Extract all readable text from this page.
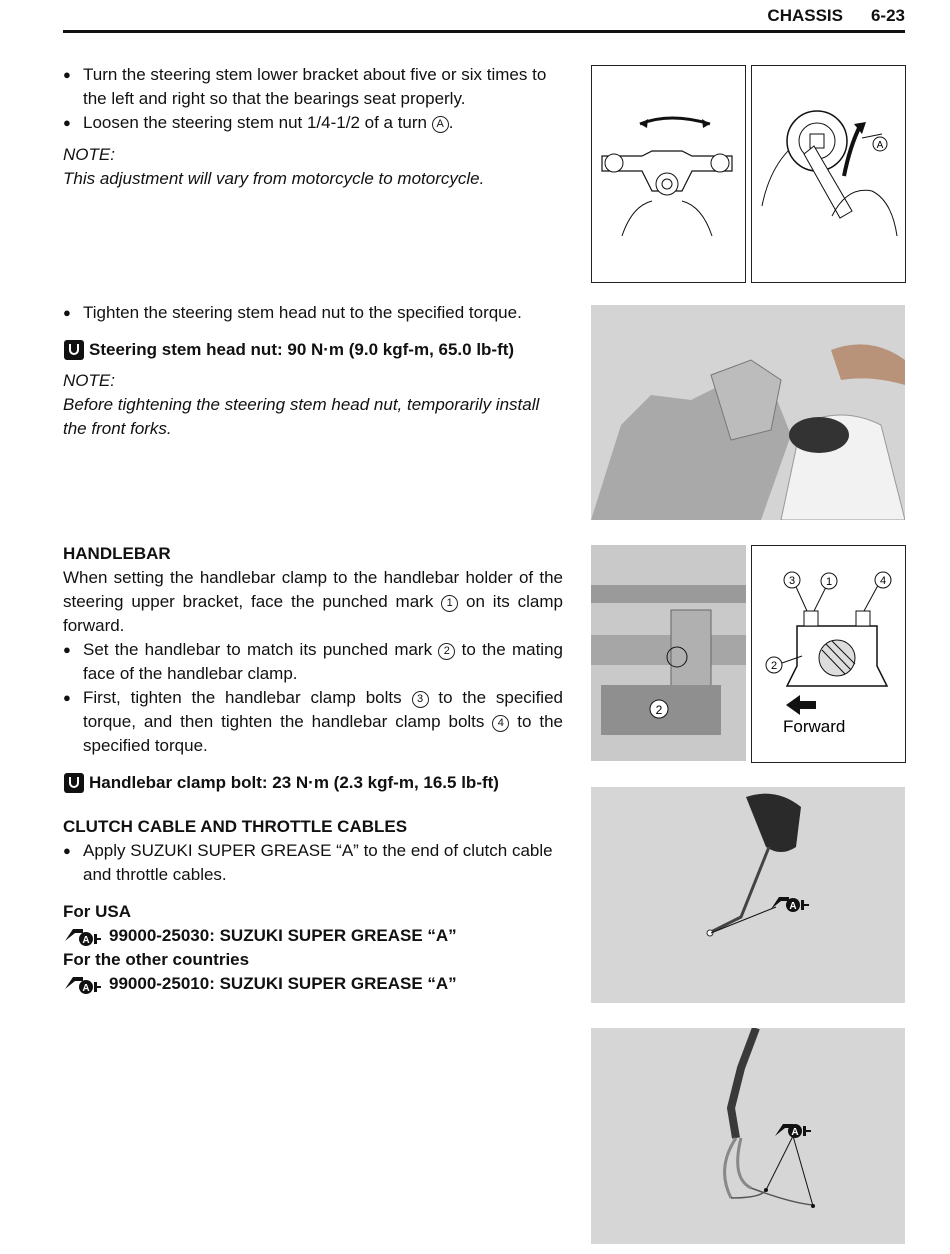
CHASSIS 6-23
● Turn the steering stem lower bracket about five or six times to the left and right so that the bearings seat properly.
● Loosen the steering stem nut 1/4-1/2 of a turn A .
NOTE:
This adjustment will vary from motorcycle to motorcycle.
● Tighten the steering stem head nut to the specified torque.
Steering stem head nut: 90 N·m (9.0 kgf-m, 65.0 lb-ft)
NOTE:
Before tightening the steering stem head nut, temporarily install the front forks.
HANDLEBAR
When setting the handlebar clamp to the handlebar holder of the steering upper bracket, face the punched mark 1 on its clamp forward.
● Set the handlebar to match its punched mark 2 to the mating face of the handlebar clamp.
● First, tighten the handlebar clamp bolts 3 to the specified torque, and then tighten the handlebar clamp bolts 4 to the specified torque.
Handlebar clamp bolt: 23 N·m (2.3 kgf-m, 16.5 lb-ft)
CLUTCH CABLE AND THROTTLE CABLES
● Apply SUZUKI SUPER GREASE “A” to the end of clutch cable and throttle cables.
For USA
A 99000-25030: SUZUKI SUPER GREASE “A”
For the other countries
A 99000-25010: SUZUKI SUPER GREASE “A”
A
2
3	1	4
2
Forward
A
A
